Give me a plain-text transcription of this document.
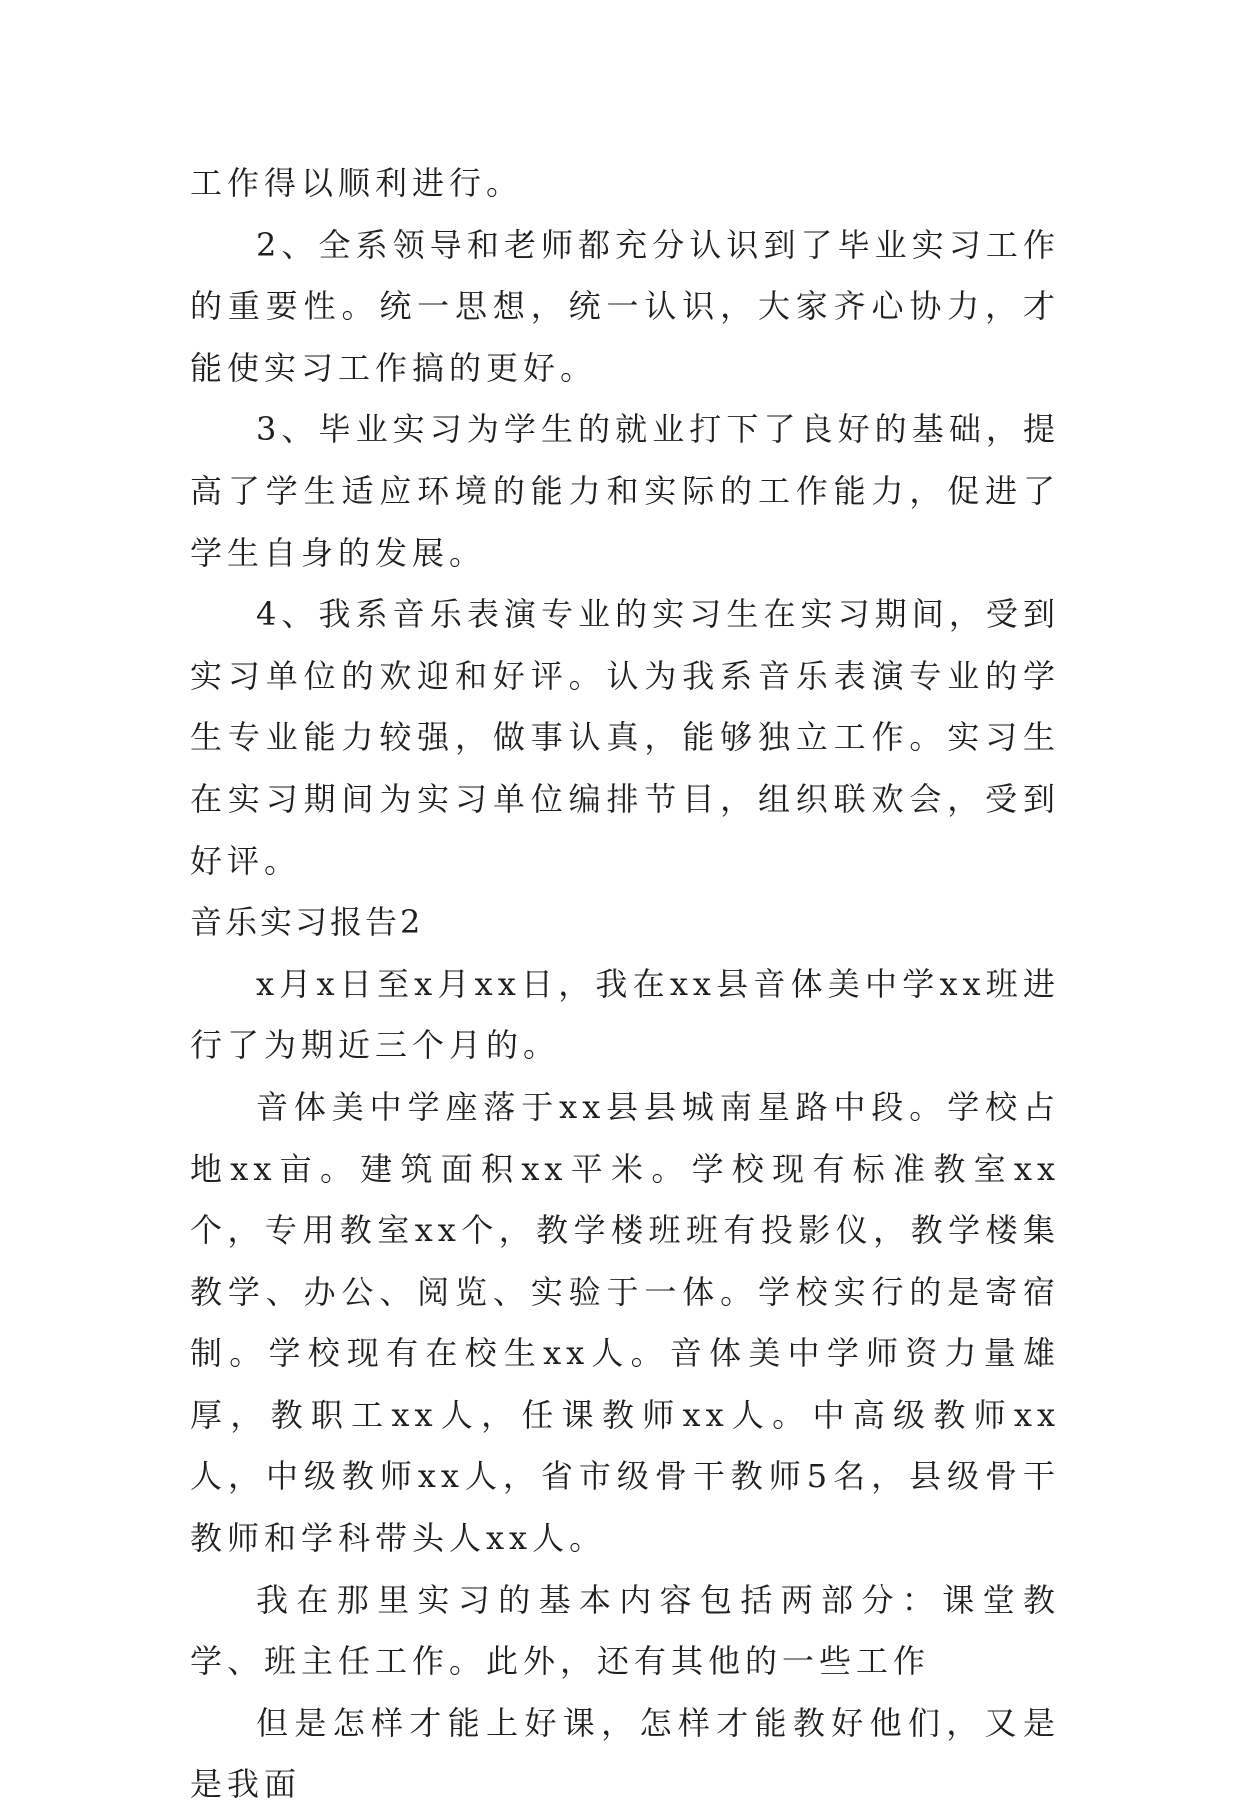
工作得以顺利进行。

2、全系领导和老师都充分认识到了毕业实习工作的重要性。统一思想，统一认识，大家齐心协力，才能使实习工作搞的更好。

3、毕业实习为学生的就业打下了良好的基础，提高了学生适应环境的能力和实际的工作能力，促进了学生自身的发展。

4、我系音乐表演专业的实习生在实习期间，受到实习单位的欢迎和好评。认为我系音乐表演专业的学生专业能力较强，做事认真，能够独立工作。实习生在实习期间为实习单位编排节目，组织联欢会，受到好评。

音乐实习报告2

x月x日至x月xx日，我在xx县音体美中学xx班进行了为期近三个月的。

音体美中学座落于xx县县城南星路中段。学校占地xx亩。建筑面积xx平米。学校现有标准教室xx个，专用教室xx个，教学楼班班有投影仪，教学楼集教学、办公、阅览、实验于一体。学校实行的是寄宿制。学校现有在校生xx人。音体美中学师资力量雄厚，教职工xx人，任课教师xx人。中高级教师xx人，中级教师xx人，省市级骨干教师5名，县级骨干教师和学科带头人xx人。

我在那里实习的基本内容包括两部分：课堂教学、班主任工作。此外，还有其他的一些工作

但是怎样才能上好课，怎样才能教好他们，又是是我面
